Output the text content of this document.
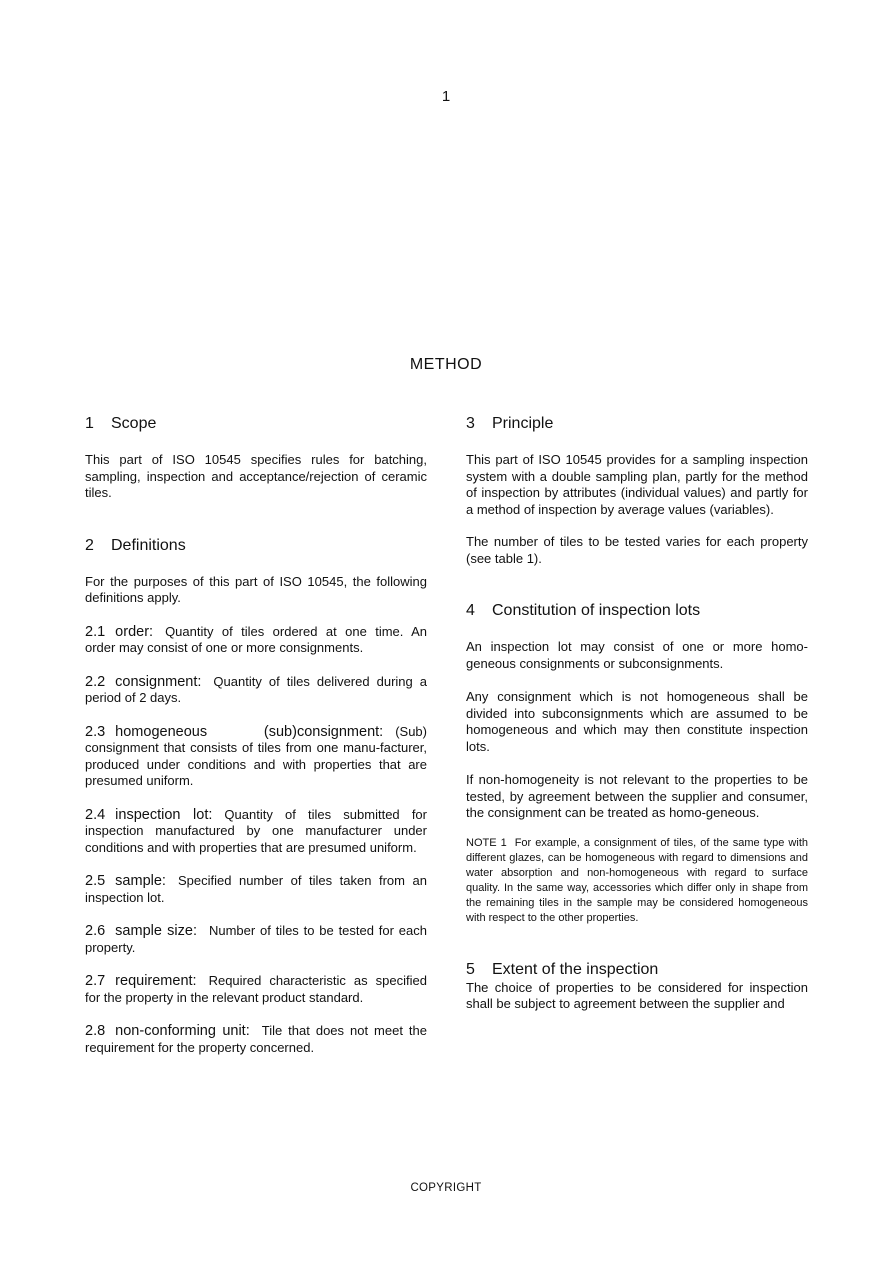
1
METHOD
1 Scope

This part of ISO 10545 specifies rules for batching, sampling, inspection and acceptance/rejection of ceramic tiles.

2 Definitions

For the purposes of this part of ISO 10545, the following definitions apply.

2.1 order: Quantity of tiles ordered at one time. An order may consist of one or more consignments.

2.2 consignment: Quantity of tiles delivered during a period of 2 days.

2.3 homogeneous (sub)consignment: (Sub) consignment that consists of tiles from one manu-facturer, produced under conditions and with properties that are presumed uniform.

2.4 inspection lot: Quantity of tiles submitted for inspection manufactured by one manufacturer under conditions and with properties that are presumed uniform.

2.5 sample: Specified number of tiles taken from an inspection lot.

2.6 sample size: Number of tiles to be tested for each property.

2.7 requirement: Required characteristic as specified for the property in the relevant product standard.

2.8 non-conforming unit: Tile that does not meet the requirement for the property concerned.

3 Principle

This part of ISO 10545 provides for a sampling inspection system with a double sampling plan, partly for the method of inspection by attributes (individual values) and partly for a method of inspection by average values (variables).

The number of tiles to be tested varies for each property (see table 1).

4 Constitution of inspection lots

An inspection lot may consist of one or more homo-geneous consignments or subconsignments.

Any consignment which is not homogeneous shall be divided into subconsignments which are assumed to be homogeneous and which may then constitute inspection lots.

If non-homogeneity is not relevant to the properties to be tested, by agreement between the supplier and consumer, the consignment can be treated as homo-geneous.

NOTE 1 For example, a consignment of tiles, of the same type with different glazes, can be homogeneous with regard to dimensions and water absorption and non-homogeneous with regard to surface quality. In the same way, accessories which differ only in shape from the remaining tiles in the sample may be considered homogeneous with respect to the other properties.

5 Extent of the inspection

The choice of properties to be considered for inspection shall be subject to agreement between the supplier and

COPYRIGHT
